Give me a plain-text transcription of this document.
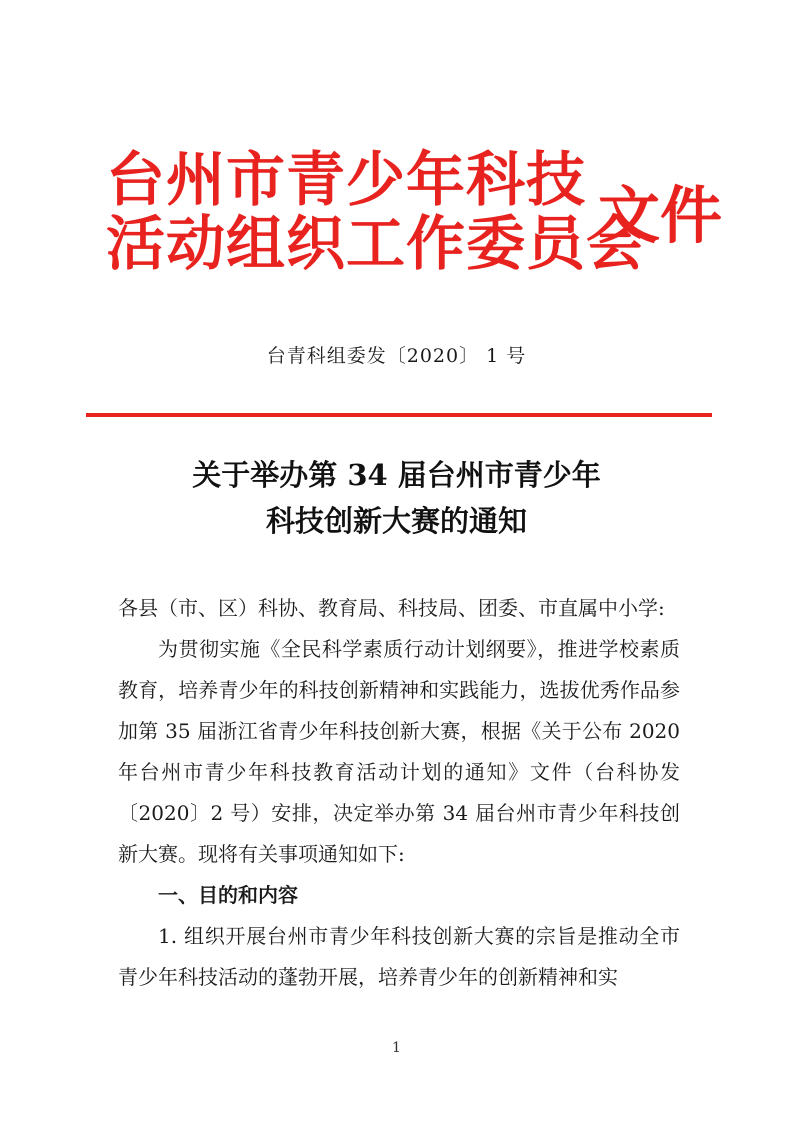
台州市青少年科技
活动组织工作委员会
文件
台青科组委发〔2020〕 1 号
关于举办第 34 届台州市青少年
科技创新大赛的通知

各县（市、区）科协、教育局、科技局、团委、市直属中小学:

为贯彻实施《全民科学素质行动计划纲要》，推进学校素质教育，培养青少年的科技创新精神和实践能力，选拔优秀作品参加第 35 届浙江省青少年科技创新大赛，根据《关于公布 2020 年台州市青少年科技教育活动计划的通知》文件（台科协发〔2020〕2 号）安排，决定举办第 34 届台州市青少年科技创新大赛。现将有关事项通知如下:

一、目的和内容

1. 组织开展台州市青少年科技创新大赛的宗旨是推动全市青少年科技活动的蓬勃开展，培养青少年的创新精神和实

1
